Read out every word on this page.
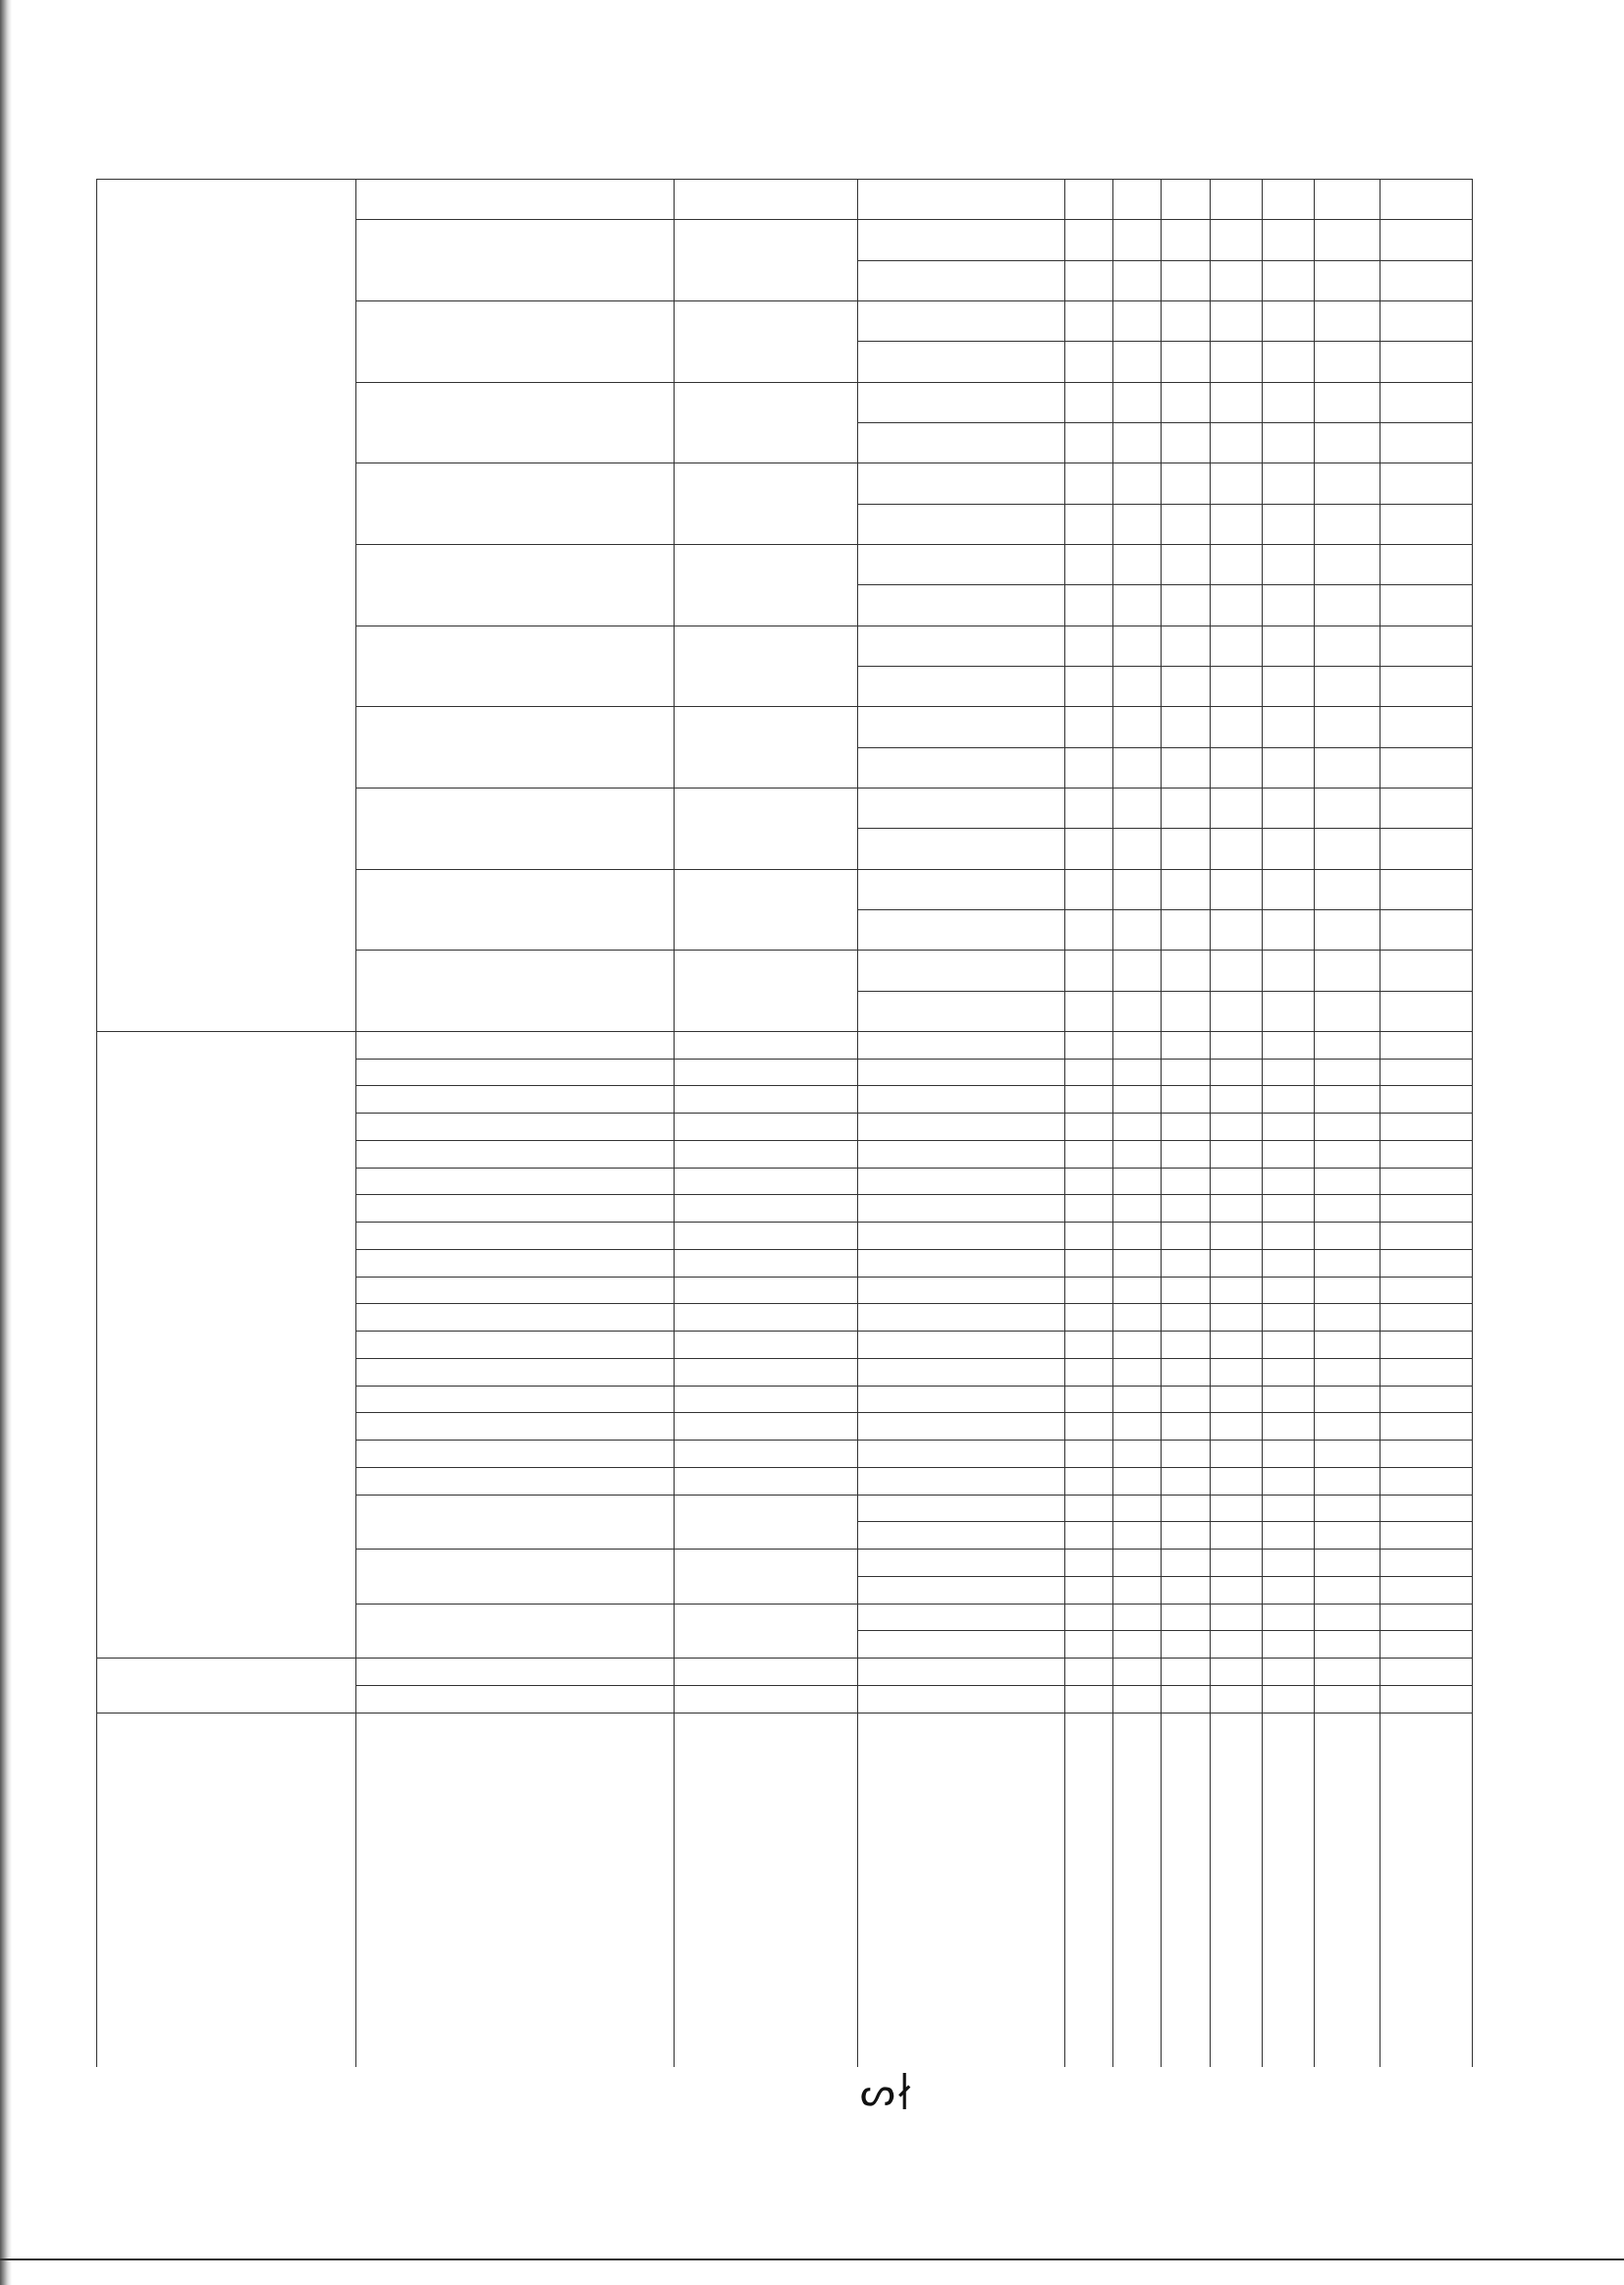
ᔕ∤
